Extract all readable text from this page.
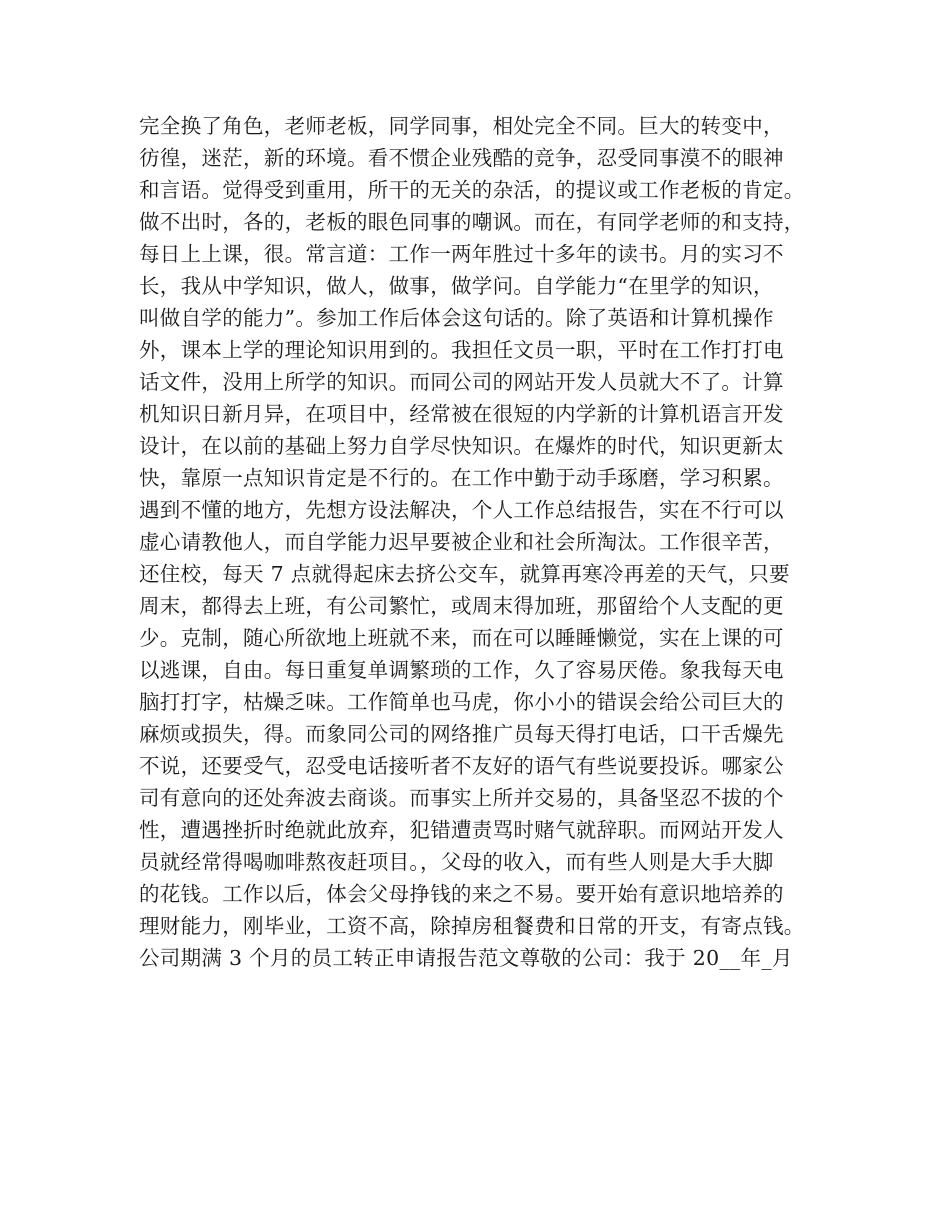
完全换了角色，老师老板，同学同事，相处完全不同。巨大的转变中，
彷徨，迷茫，新的环境。看不惯企业残酷的竞争，忍受同事漠不的眼神
和言语。觉得受到重用，所干的无关的杂活，的提议或工作老板的肯定。
做不出时，各的，老板的眼色同事的嘲讽。而在，有同学老师的和支持，
每日上上课，很。常言道：工作一两年胜过十多年的读书。月的实习不
长，我从中学知识，做人，做事，做学问。自学能力“在里学的知识，
叫做自学的能力”。参加工作后体会这句话的。除了英语和计算机操作
外，课本上学的理论知识用到的。我担任文员一职，平时在工作打打电
话文件，没用上所学的知识。而同公司的网站开发人员就大不了。计算
机知识日新月异，在项目中，经常被在很短的内学新的计算机语言开发
设计，在以前的基础上努力自学尽快知识。在爆炸的时代，知识更新太
快，靠原一点知识肯定是不行的。在工作中勤于动手琢磨，学习积累。
遇到不懂的地方，先想方设法解决，个人工作总结报告，实在不行可以
虚心请教他人，而自学能力迟早要被企业和社会所淘汰。工作很辛苦，
还住校，每天 7 点就得起床去挤公交车，就算再寒冷再差的天气，只要
周末，都得去上班，有公司繁忙，或周末得加班，那留给个人支配的更
少。克制，随心所欲地上班就不来，而在可以睡睡懒觉，实在上课的可
以逃课，自由。每日重复单调繁琐的工作，久了容易厌倦。象我每天电
脑打打字，枯燥乏味。工作简单也马虎，你小小的错误会给公司巨大的
麻烦或损失，得。而象同公司的网络推广员每天得打电话，口干舌燥先
不说，还要受气，忍受电话接听者不友好的语气有些说要投诉。哪家公
司有意向的还处奔波去商谈。而事实上所并交易的，具备坚忍不拔的个
性，遭遇挫折时绝就此放弃，犯错遭责骂时赌气就辞职。而网站开发人
员就经常得喝咖啡熬夜赶项目。，父母的收入，而有些人则是大手大脚
的花钱。工作以后，体会父母挣钱的来之不易。要开始有意识地培养的
理财能力，刚毕业，工资不高，除掉房租餐费和日常的开支，有寄点钱。
公司期满 3 个月的员工转正申请报告范文尊敬的公司：我于 20__年_月
